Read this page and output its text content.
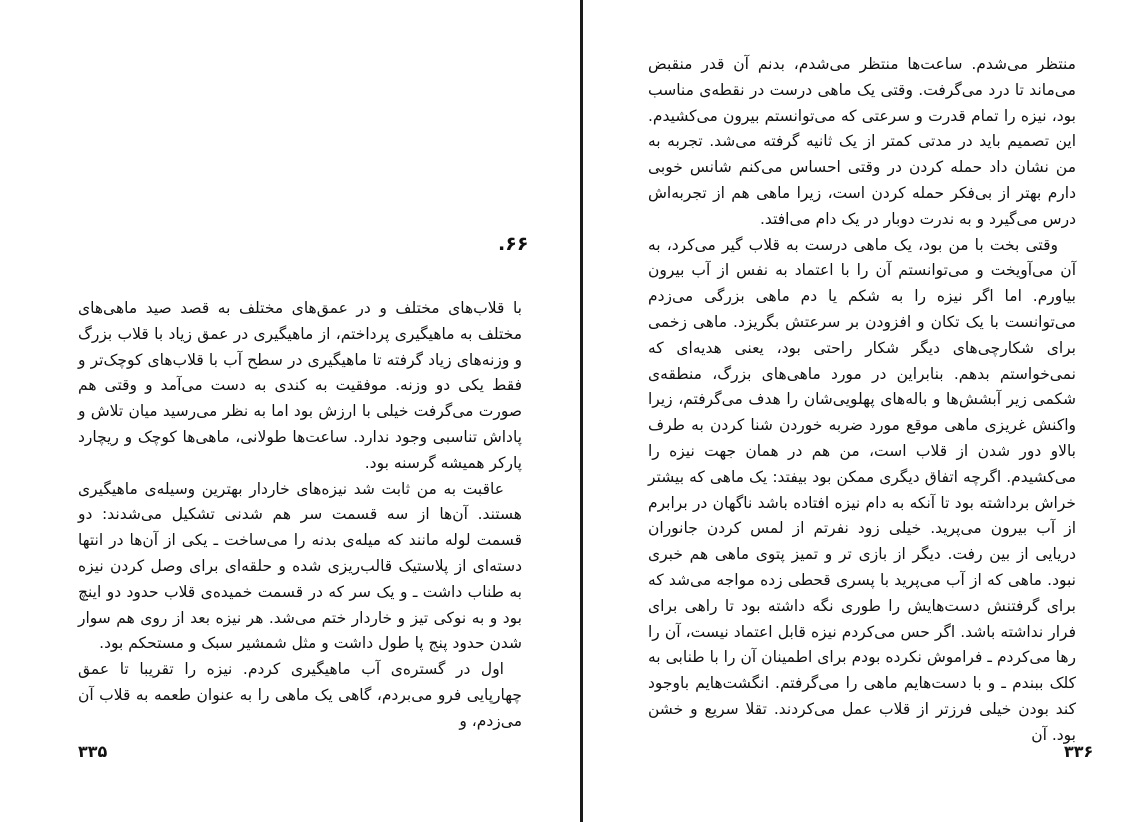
۶۶.

با قلاب‌های مختلف و در عمق‌های مختلف به قصد صید ماهی‌های مختلف به ماهیگیری پرداختم، از ماهیگیری در عمق زیاد با قلاب بزرگ و وزنه‌های زیاد گرفته تا ماهیگیری در سطح آب با قلاب‌های کوچک‌تر و فقط یکی دو وزنه. موفقیت به کندی به دست می‌آمد و وقتی هم صورت می‌گرفت خیلی با ارزش بود اما به نظر می‌رسید میان تلاش و پاداش تناسبی وجود ندارد. ساعت‌ها طولانی، ماهی‌ها کوچک و ریچارد پارکر همیشه گرسنه بود.

عاقبت به من ثابت شد نیزه‌های خاردار بهترین وسیله‌ی ماهیگیری هستند. آن‌ها از سه قسمت سر هم شدنی تشکیل می‌شدند: دو قسمت لوله مانند که میله‌ی بدنه را می‌ساخت ـ یکی از آن‌ها در انتها دسته‌ای از پلاستیک قالب‌ریزی شده و حلقه‌ای برای وصل کردن نیزه به طناب داشت ـ و یک سر که در قسمت خمیده‌ی قلاب حدود دو اینچ بود و به نوکی تیز و خاردار ختم می‌شد. هر نیزه بعد از روی هم سوار شدن حدود پنج پا طول داشت و مثل شمشیر سبک و مستحکم بود.

اول در گستره‌ی آب ماهیگیری کردم. نیزه را تقریبا تا عمق چهارپایی فرو می‌بردم، گاهی یک ماهی را به عنوان طعمه به قلاب آن می‌زدم، و

۳۳۵

منتظر می‌شدم. ساعت‌ها منتظر می‌شدم، بدنم آن قدر منقبض می‌ماند تا درد می‌گرفت. وقتی یک ماهی درست در نقطه‌ی مناسب بود، نیزه را تمام قدرت و سرعتی که می‌توانستم بیرون می‌کشیدم. این تصمیم باید در مدتی کمتر از یک ثانیه گرفته می‌شد. تجربه به من نشان داد حمله کردن در وقتی احساس می‌کنم شانس خوبی دارم بهتر از بی‌فکر حمله کردن است، زیرا ماهی هم از تجربه‌اش درس می‌گیرد و به ندرت دوبار در یک دام می‌افتد.

وقتی بخت با من بود، یک ماهی درست به قلاب گیر می‌کرد، به آن می‌آویخت و می‌توانستم آن را با اعتماد به نفس از آب بیرون بیاورم. اما اگر نیزه را به شکم یا دم ماهی بزرگی می‌زدم می‌توانست با یک تکان و افزودن بر سرعتش بگریزد. ماهی زخمی برای شکارچی‌های دیگر شکار راحتی بود، یعنی هدیه‌ای که نمی‌خواستم بدهم. بنابراین در مورد ماهی‌های بزرگ، منطقه‌ی شکمی زیر آبشش‌ها و باله‌های پهلویی‌شان را هدف می‌گرفتم، زیرا واکنش غریزی ماهی موقع مورد ضربه خوردن شنا کردن به طرف بالاو دور شدن از قلاب است، من هم در همان جهت نیزه را می‌کشیدم. اگرچه اتفاق دیگری ممکن بود بیفتد: یک ماهی که بیشتر خراش برداشته بود تا آنکه به دام نیزه افتاده باشد ناگهان در برابرم از آب بیرون می‌پرید. خیلی زود نفرتم از لمس کردن جانوران دریایی از بین رفت. دیگر از بازی تر و تمیز پتوی ماهی هم خبری نبود. ماهی که از آب می‌پرید با پسری قحطی زده مواجه می‌شد که برای گرفتنش دست‌هایش را طوری نگه داشته بود تا راهی برای فرار نداشته باشد. اگر حس می‌کردم نیزه قابل اعتماد نیست، آن را رها می‌کردم ـ فراموش نکرده بودم برای اطمینان آن را با طنابی به کلک ببندم ـ و با دست‌هایم ماهی را می‌گرفتم. انگشت‌هایم باوجود کند بودن خیلی فرزتر از قلاب عمل می‌کردند. تقلا سریع و خشن بود. آن

۳۳۶
